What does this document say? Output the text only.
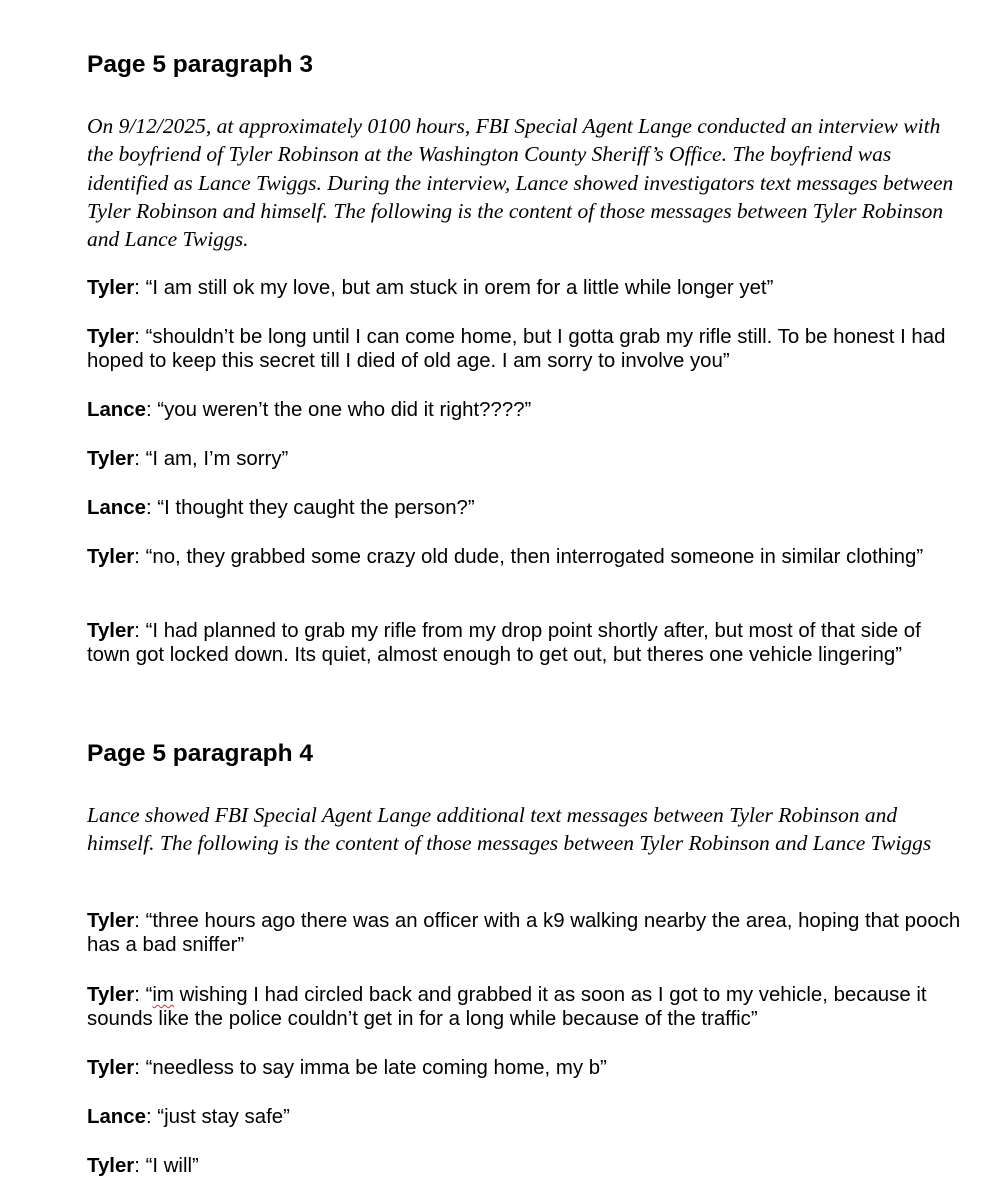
Page 5 paragraph 3

On 9/12/2025, at approximately 0100 hours, FBI Special Agent Lange conducted an interview with the boyfriend of Tyler Robinson at the Washington County Sheriff’s Office. The boyfriend was identified as Lance Twiggs. During the interview, Lance showed investigators text messages between Tyler Robinson and himself. The following is the content of those messages between Tyler Robinson and Lance Twiggs.

Tyler: “I am still ok my love, but am stuck in orem for a little while longer yet”

Tyler: “shouldn’t be long until I can come home, but I gotta grab my rifle still. To be honest I had hoped to keep this secret till I died of old age. I am sorry to involve you”

Lance: “you weren’t the one who did it right????”

Tyler: “I am, I’m sorry”

Lance: “I thought they caught the person?”

Tyler: “no, they grabbed some crazy old dude, then interrogated someone in similar clothing”

Tyler: “I had planned to grab my rifle from my drop point shortly after, but most of that side of town got locked down. Its quiet, almost enough to get out, but theres one vehicle lingering”

Page 5 paragraph 4

Lance showed FBI Special Agent Lange additional text messages between Tyler Robinson and himself. The following is the content of those messages between Tyler Robinson and Lance Twiggs

Tyler: “three hours ago there was an officer with a k9 walking nearby the area, hoping that pooch has a bad sniffer”

Tyler: “im wishing I had circled back and grabbed it as soon as I got to my vehicle, because it sounds like the police couldn’t get in for a long while because of the traffic”

Tyler: “needless to say imma be late coming home, my b”

Lance: “just stay safe”

Tyler: “I will”
